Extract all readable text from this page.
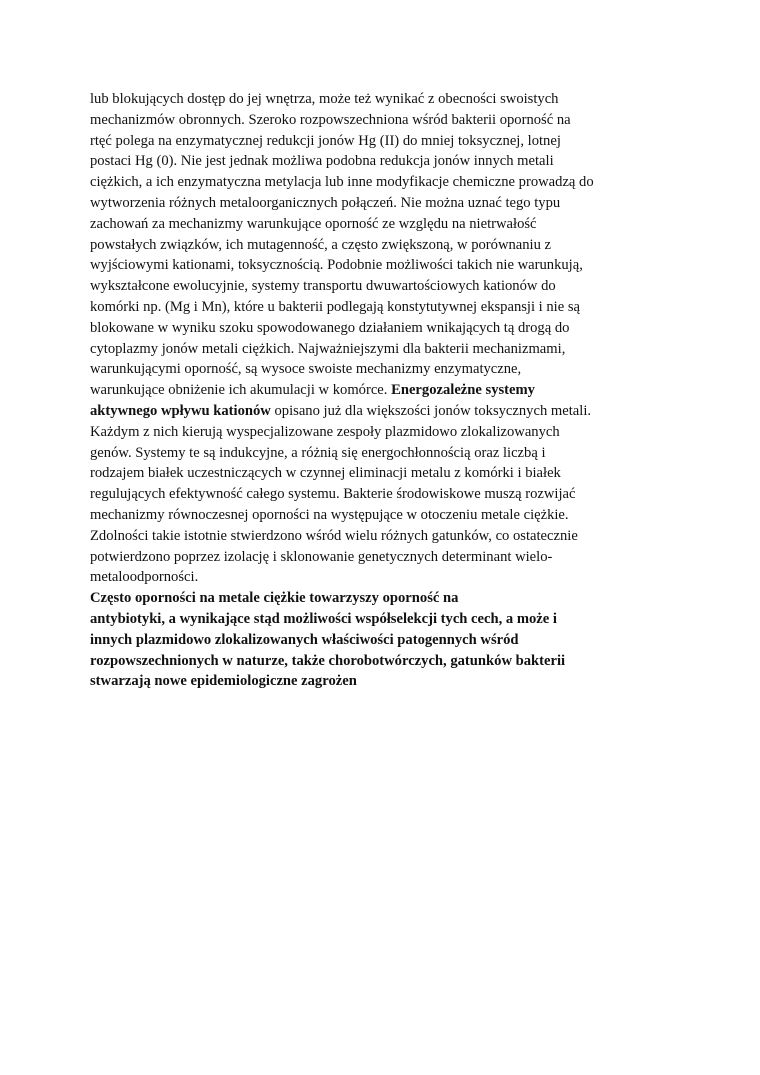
lub blokujących dostęp do jej wnętrza, może też wynikać z obecności swoistych
mechanizmów obronnych. Szeroko rozpowszechniona wśród bakterii oporność na
rtęć polega na enzymatycznej redukcji jonów Hg (II) do mniej toksycznej, lotnej
postaci Hg (0). Nie jest jednak możliwa podobna redukcja jonów innych metali
ciężkich, a ich enzymatyczna metylacja lub inne modyfikacje chemiczne prowadzą do
wytworzenia różnych metaloorganicznych połączeń. Nie można uznać tego typu
zachowań za mechanizmy warunkujące oporność ze względu na nietrwałość
powstałych związków, ich mutagenność, a często zwiększoną, w porównaniu z
wyjściowymi kationami, toksycznością. Podobnie możliwości takich nie warunkują,
wykształcone ewolucyjnie, systemy transportu dwuwartościowych kationów do
komórki np. (Mg i Mn), które u bakterii podlegają konstytutywnej ekspansji i nie są
blokowane w wyniku szoku spowodowanego działaniem wnikających tą drogą do
cytoplazmy jonów metali ciężkich. Najważniejszymi dla bakterii mechanizmami,
warunkującymi oporność, są wysoce swoiste mechanizmy enzymatyczne,
warunkujące obniżenie ich akumulacji w komórce. Energozależne systemy
aktywnego wpływu kationów opisano już dla większości jonów toksycznych metali.
Każdym z nich kierują wyspecjalizowane zespoły plazmidowo zlokalizowanych
genów. Systemy te są indukcyjne, a różnią się energochłonnością oraz liczbą i
rodzajem białek uczestniczących w czynnej eliminacji metalu z komórki i białek
regulujących efektywność całego systemu. Bakterie środowiskowe muszą rozwijać
mechanizmy równoczesnej oporności na występujące w otoczeniu metale ciężkie.
Zdolności takie istotnie stwierdzono wśród wielu różnych gatunków, co ostatecznie
potwierdzono poprzez izolację i sklonowanie genetycznych determinant wielo-
metaloodporności.
Często oporności na metale ciężkie towarzyszy oporność na
antybiotyki, a wynikające stąd możliwości współselekcji tych cech, a może i
innych plazmidowo zlokalizowanych właściwości patogennych wśród
rozpowszechnionych w naturze, także chorobotwórczych, gatunków bakterii
stwarzają nowe epidemiologiczne zagrożen
